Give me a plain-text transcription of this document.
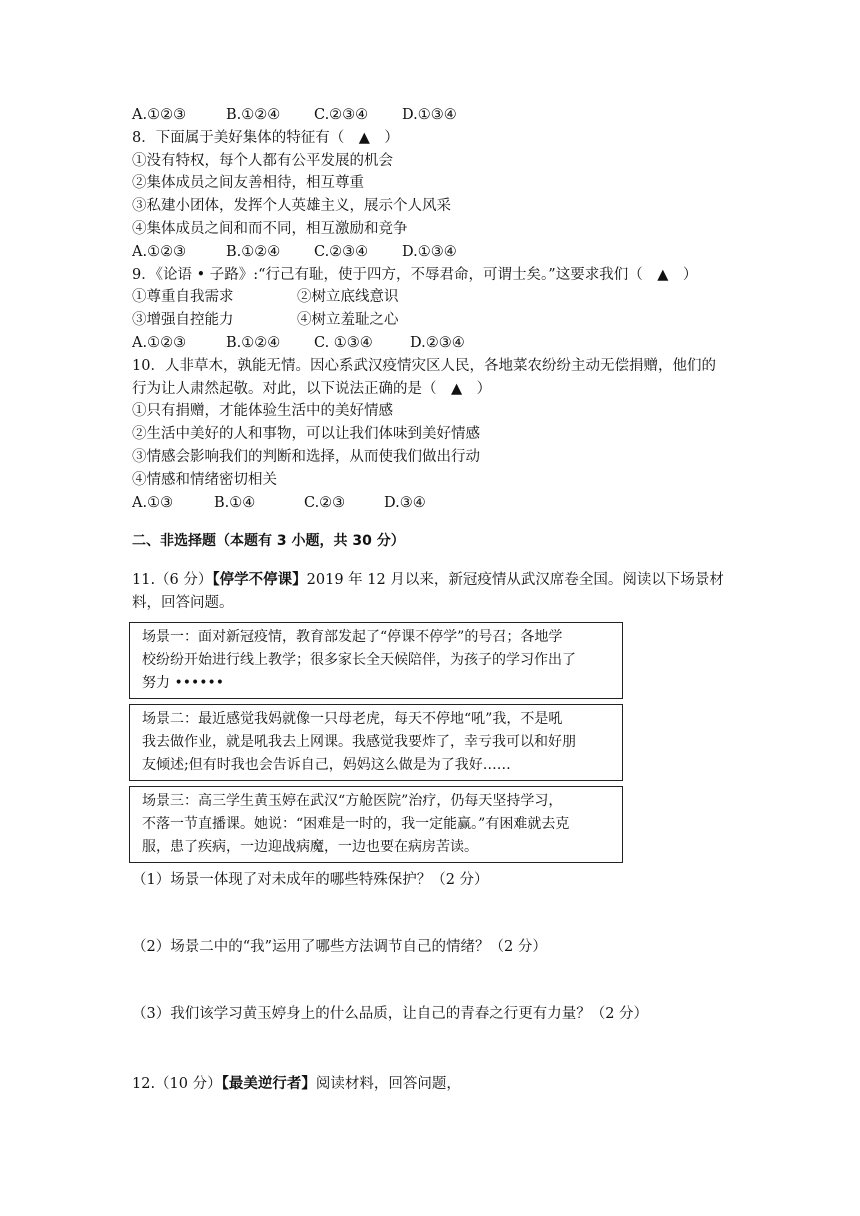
A.①②③	B.①②④ C.②③④ D.①③④
8．下面属于美好集体的特征有（　▲　）
①没有特权，每个人都有公平发展的机会
②集体成员之间友善相待，相互尊重
③私建小团体，发挥个人英雄主义，展示个人风采
④集体成员之间和而不同，相互激励和竞争
A.①②③	B.①②④ C.②③④ D.①③④
9．《论语 • 子路》:“行己有耻，使于四方，不辱君命，可谓士矣。”这要求我们（　▲　）
①尊重自我需求	②树立底线意识
③增强自控能力	④树立羞耻之心
A.①②③	B.①②④ C. ①③④	D.②③④
10．人非草木，孰能无情。因心系武汉疫情灾区人民，各地菜农纷纷主动无偿捐赠，他们的
行为让人肃然起敬。对此，以下说法正确的是（　▲　）
①只有捐赠，才能体验生活中的美好情感
②生活中美好的人和事物，可以让我们体味到美好情感
③情感会影响我们的判断和选择，从而使我们做出行动
④情感和情绪密切相关
A.①③	B.①④	C.②③	D.③④
二、非选择题（本题有 3 小题，共 30 分）
11.（6 分）【停学不停课】2019 年 12 月以来，新冠疫情从武汉席卷全国。阅读以下场景材
料，回答问题。
场景一：面对新冠疫情，教育部发起了“停课不停学”的号召；各地学
校纷纷开始进行线上教学；很多家长全天候陪伴，为孩子的学习作出了
努力 ••••••
场景二：最近感觉我妈就像一只母老虎，每天不停地“吼”我，不是吼
我去做作业，就是吼我去上网课。我感觉我要炸了，幸亏我可以和好朋
友倾述;但有时我也会告诉自己，妈妈这么做是为了我好……
场景三：高三学生黄玉婷在武汉“方舱医院”治疗，仍每天坚持学习，
不落一节直播课。她说：“困难是一时的，我一定能赢。”有困难就去克
服，患了疾病，一边迎战病魔，一边也要在病房苦读。
（1）场景一体现了对未成年的哪些特殊保护？（2 分）
（2）场景二中的“我”运用了哪些方法调节自己的情绪？（2 分）
（3）我们该学习黄玉婷身上的什么品质，让自己的青春之行更有力量？（2 分）
12.（10 分）【最美逆行者】阅读材料，回答问题，
